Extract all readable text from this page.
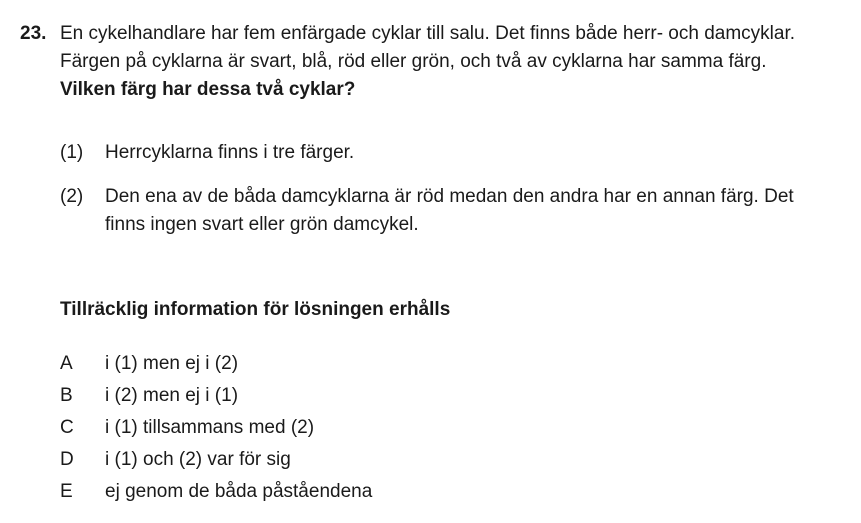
23. En cykelhandlare har fem enfärgade cyklar till salu. Det finns både herr- och damcyklar.
Färgen på cyklarna är svart, blå, röd eller grön, och två av cyklarna har samma färg.
Vilken färg har dessa två cyklar?
(1) Herrcyklarna finns i tre färger.
(2) Den ena av de båda damcyklarna är röd medan den andra har en annan färg. Det
finns ingen svart eller grön damcykel.
Tillräcklig information för lösningen erhålls
A i (1) men ej i (2)
B i (2) men ej i (1)
C i (1) tillsammans med (2)
D i (1) och (2) var för sig
E ej genom de båda påståendena
